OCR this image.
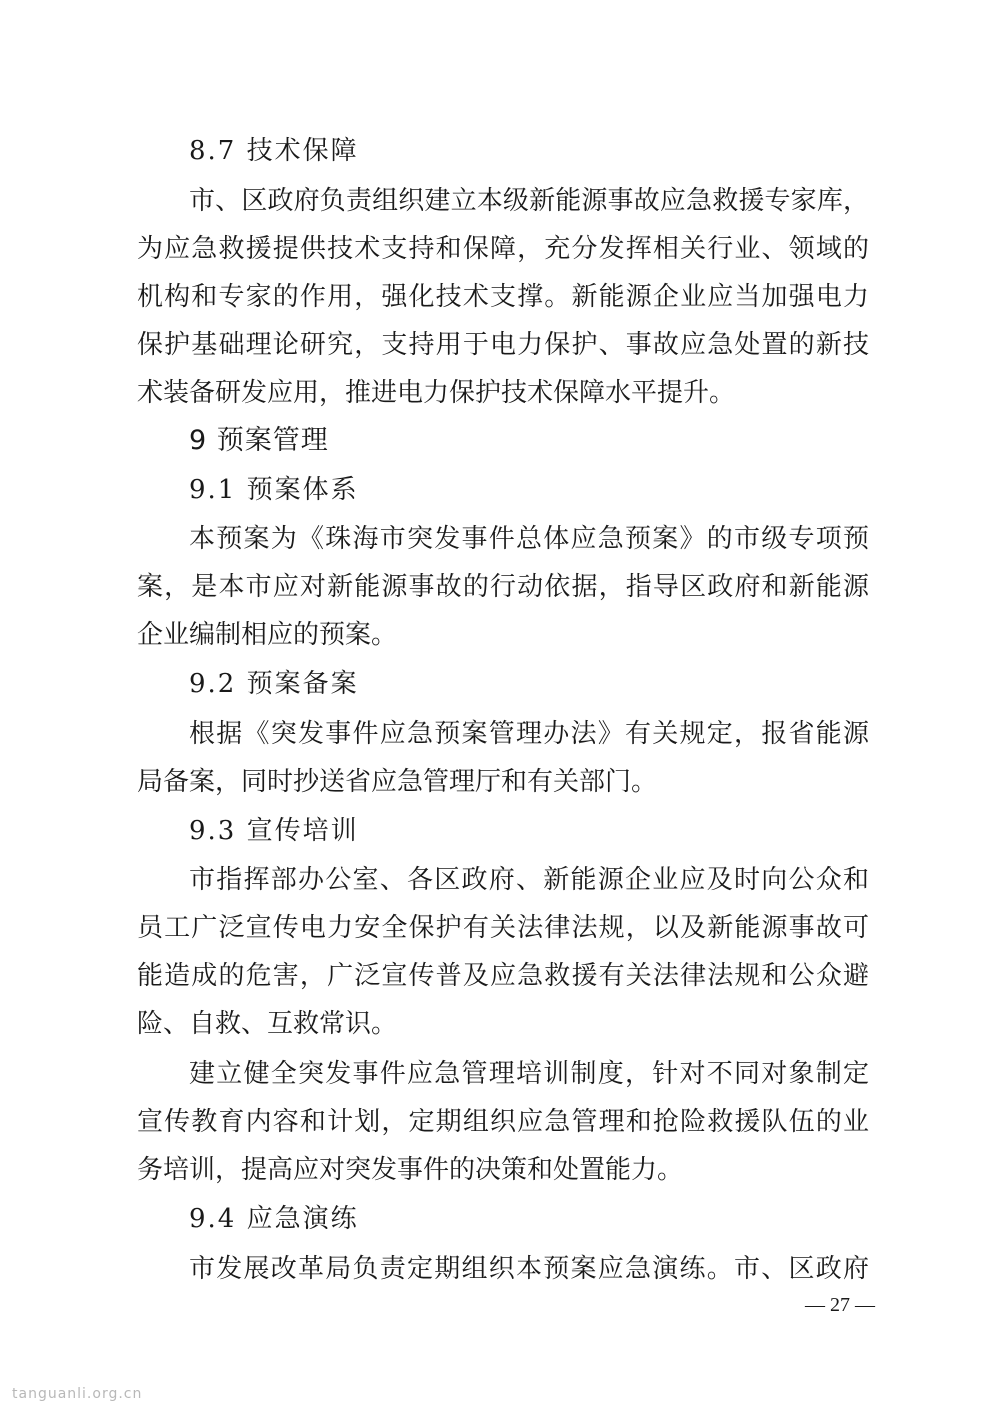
8.7 技术保障
市、区政府负责组织建立本级新能源事故应急救援专家库，
为应急救援提供技术支持和保障，充分发挥相关行业、领域的
机构和专家的作用，强化技术支撑。新能源企业应当加强电力
保护基础理论研究，支持用于电力保护、事故应急处置的新技
术装备研发应用，推进电力保护技术保障水平提升。
9 预案管理
9.1 预案体系
本预案为《珠海市突发事件总体应急预案》的市级专项预
案，是本市应对新能源事故的行动依据，指导区政府和新能源
企业编制相应的预案。
9.2 预案备案
根据《突发事件应急预案管理办法》有关规定，报省能源
局备案，同时抄送省应急管理厅和有关部门。
9.3 宣传培训
市指挥部办公室、各区政府、新能源企业应及时向公众和
员工广泛宣传电力安全保护有关法律法规，以及新能源事故可
能造成的危害，广泛宣传普及应急救援有关法律法规和公众避
险、自救、互救常识。
建立健全突发事件应急管理培训制度，针对不同对象制定
宣传教育内容和计划，定期组织应急管理和抢险救援队伍的业
务培训，提高应对突发事件的决策和处置能力。
9.4 应急演练
市发展改革局负责定期组织本预案应急演练。市、区政府
— 27 —
tanguanli.org.cn
